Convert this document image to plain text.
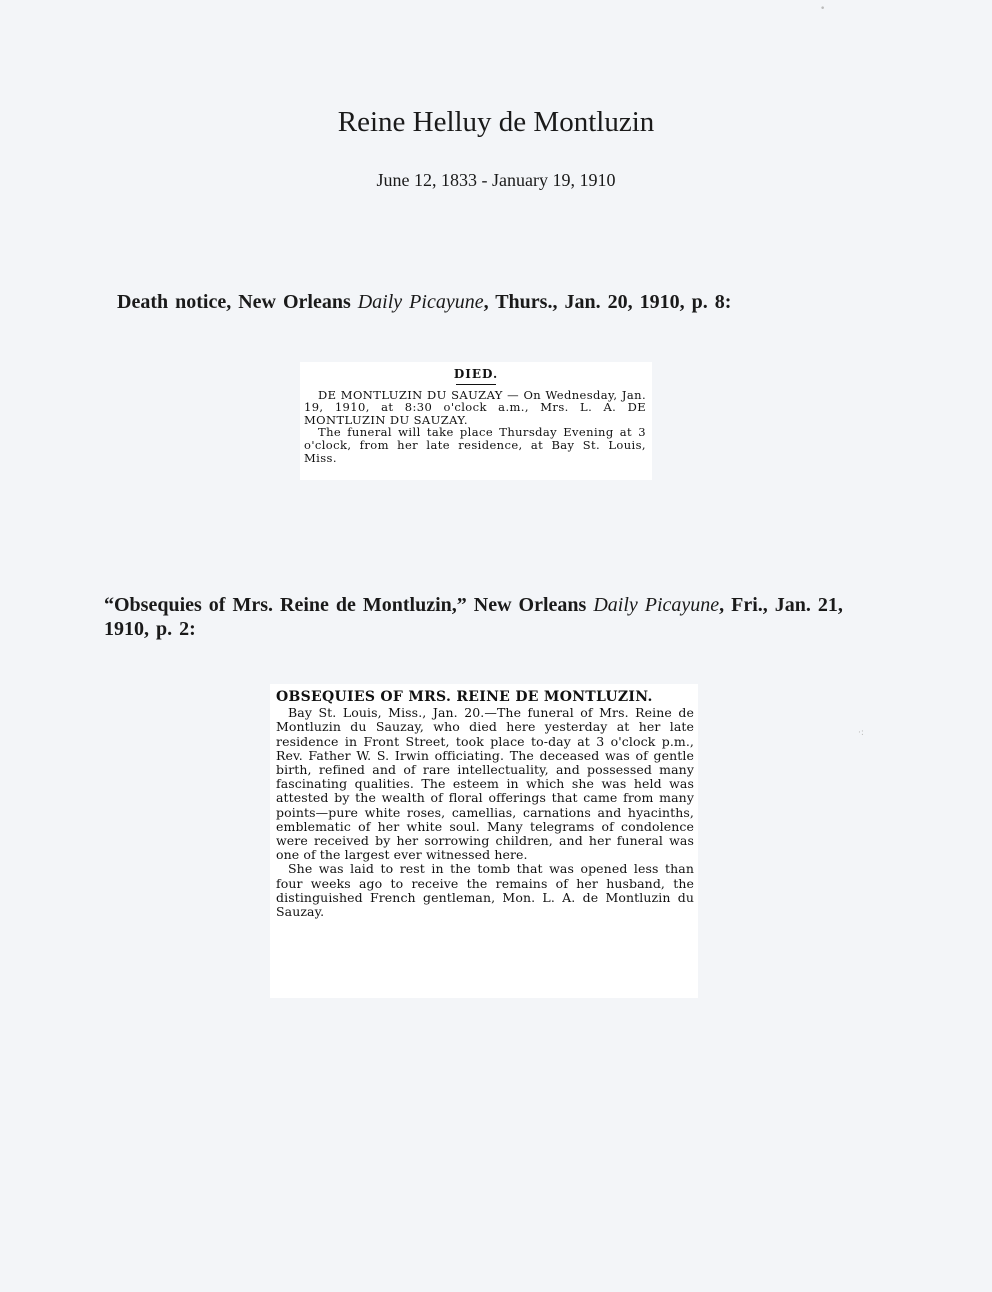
Reine Helluy de Montluzin
June 12, 1833 - January 19, 1910
Death notice, New Orleans Daily Picayune, Thurs., Jan. 20, 1910, p. 8:
DIED.
DE MONTLUZIN DU SAUZAY — On Wednesday, Jan. 19, 1910, at 8:30 o'clock a.m., Mrs. L. A. DE MONTLUZIN DU SAUZAY.
The funeral will take place Thursday Evening at 3 o'clock, from her late residence, at Bay St. Louis, Miss.
“Obsequies of Mrs. Reine de Montluzin,” New Orleans Daily Picayune, Fri., Jan. 21, 1910, p. 2:
OBSEQUIES OF MRS. REINE DE MONTLUZIN.
Bay St. Louis, Miss., Jan. 20.—The funeral of Mrs. Reine de Montluzin du Sauzay, who died here yesterday at her late residence in Front Street, took place to-day at 3 o'clock p.m., Rev. Father W. S. Irwin officiating. The deceased was of gentle birth, refined and of rare intellectuality, and possessed many fascinating qualities. The esteem in which she was held was attested by the wealth of floral offerings that came from many points—pure white roses, camellias, carnations and hyacinths, emblematic of her white soul. Many telegrams of condolence were received by her sorrowing children, and her funeral was one of the largest ever witnessed here.
She was laid to rest in the tomb that was opened less than four weeks ago to receive the remains of her husband, the distinguished French gentleman, Mon. L. A. de Montluzin du Sauzay.
•
·:
